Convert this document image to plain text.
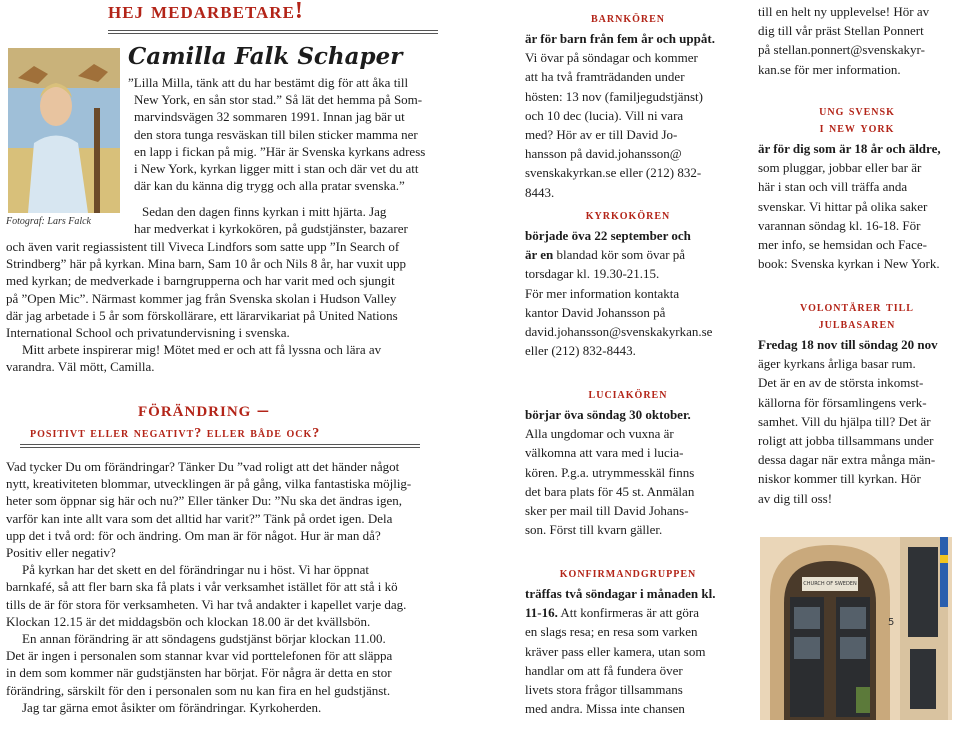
hej medarbetare!
Fotograf: Lars Falck
Camilla Falk Schaper
”Lilla Milla, tänk att du har bestämt dig för att åka till
New York, en sån stor stad.” Så lät det hemma på Som-
marvindsvägen 32 sommaren 1991. Innan jag bär ut
den stora tunga resväskan till bilen sticker mamma ner
en lapp i fickan på mig. ”Här är Svenska kyrkans adress
i New York, kyrkan ligger mitt i stan och där vet du att
där kan du känna dig trygg och alla pratar svenska.”
Sedan den dagen finns kyrkan i mitt hjärta. Jag
har medverkat i kyrkokören, på gudstjänster, bazarer
och även varit regiassistent till Viveca Lindfors som satte upp ”In Search of
Strindberg” här på kyrkan. Mina barn, Sam 10 år och Nils 8 år, har vuxit upp
med kyrkan; de medverkade i barngrupperna och har varit med och sjungit
på ”Open Mic”. Närmast kommer jag från Svenska skolan i Hudson Valley
där jag arbetade i 5 år som förskollärare, ett lärarvikariat på United Nations
International School och privatundervisning i svenska.
Mitt arbete inspirerar mig! Mötet med er och att få lyssna och lära av
varandra. Väl mött, Camilla.
förändring –
positivt eller negativt? eller både ock?
Vad tycker Du om förändringar? Tänker Du ”vad roligt att det händer något
nytt, kreativiteten blommar, utvecklingen är på gång, vilka fantastiska möjlig-
heter som öppnar sig här och nu?” Eller tänker Du: ”Nu ska det ändras igen,
varför kan inte allt vara som det alltid har varit?” Tänk på ordet igen. Dela
upp det i två ord: för och ändring. Om man är för något. Hur är man då?
Positiv eller negativ?
På kyrkan har det skett en del förändringar nu i höst. Vi har öppnat
barnkafé, så att fler barn ska få plats i vår verksamhet istället för att stå i kö
tills de är för stora för verksamheten. Vi har två andakter i kapellet varje dag.
Klockan 12.15 är det middagsbön och klockan 18.00 är det kvällsbön.
En annan förändring är att söndagens gudstjänst börjar klockan 11.00.
Det är ingen i personalen som stannar kvar vid porttelefonen för att släppa
in dem som kommer när gudstjänsten har börjat. För några är detta en stor
förändring, särskilt för den i personalen som nu kan fira en hel gudstjänst.
Jag tar gärna emot åsikter om förändringar. Kyrkoherden.
barnkören

är för barn från fem år och uppåt.

Vi övar på söndagar och kommer

att ha två framträdanden under

hösten: 13 nov (familjegudstjänst)

och 10 dec (lucia). Vill ni vara

med? Hör av er till David Jo-

hansson på david.johansson@

svenskakyrkan.se eller (212) 832-

8443.

kyrkokören

började öva 22 september och

är en blandad kör som övar på

torsdagar kl. 19.30-21.15.

För mer information kontakta

kantor David Johansson på

david.johansson@svenskakyrkan.se

eller (212) 832-8443.

luciakören

börjar öva söndag 30 oktober.

Alla ungdomar och vuxna är

välkomna att vara med i lucia-

kören. P.g.a. utrymmesskäl finns

det bara plats för 45 st. Anmälan

sker per mail till David Johans-

son. Först till kvarn gäller.

konfirmandgruppen

träffas två söndagar i månaden kl.

11-16. Att konfirmeras är att göra

en slags resa; en resa som varken

kräver pass eller kamera, utan som

handlar om att få fundera över

livets stora frågor tillsammans

med andra. Missa inte chansen

till en helt ny upplevelse! Hör av

dig till vår präst Stellan Ponnert

på stellan.ponnert@svenskakyr-

kan.se för mer information.

ung svensk
i new york

är för dig som är 18 år och äldre,

som pluggar, jobbar eller bar är

här i stan och vill träffa anda

svenskar. Vi hittar på olika saker

varannan söndag kl. 16-18. För

mer info, se hemsidan och Face-

book: Svenska kyrkan i New York.

volontärer till
julbasaren

Fredag 18 nov till söndag 20 nov

äger kyrkans årliga basar rum.

Det är en av de största inkomst-

källorna för församlingens verk-

samhet. Vill du hjälpa till? Det är

roligt att jobba tillsammans under

dessa dagar när extra många män-

niskor kommer till kyrkan. Hör

av dig till oss!

CHURCH OF SWEDEN
5
